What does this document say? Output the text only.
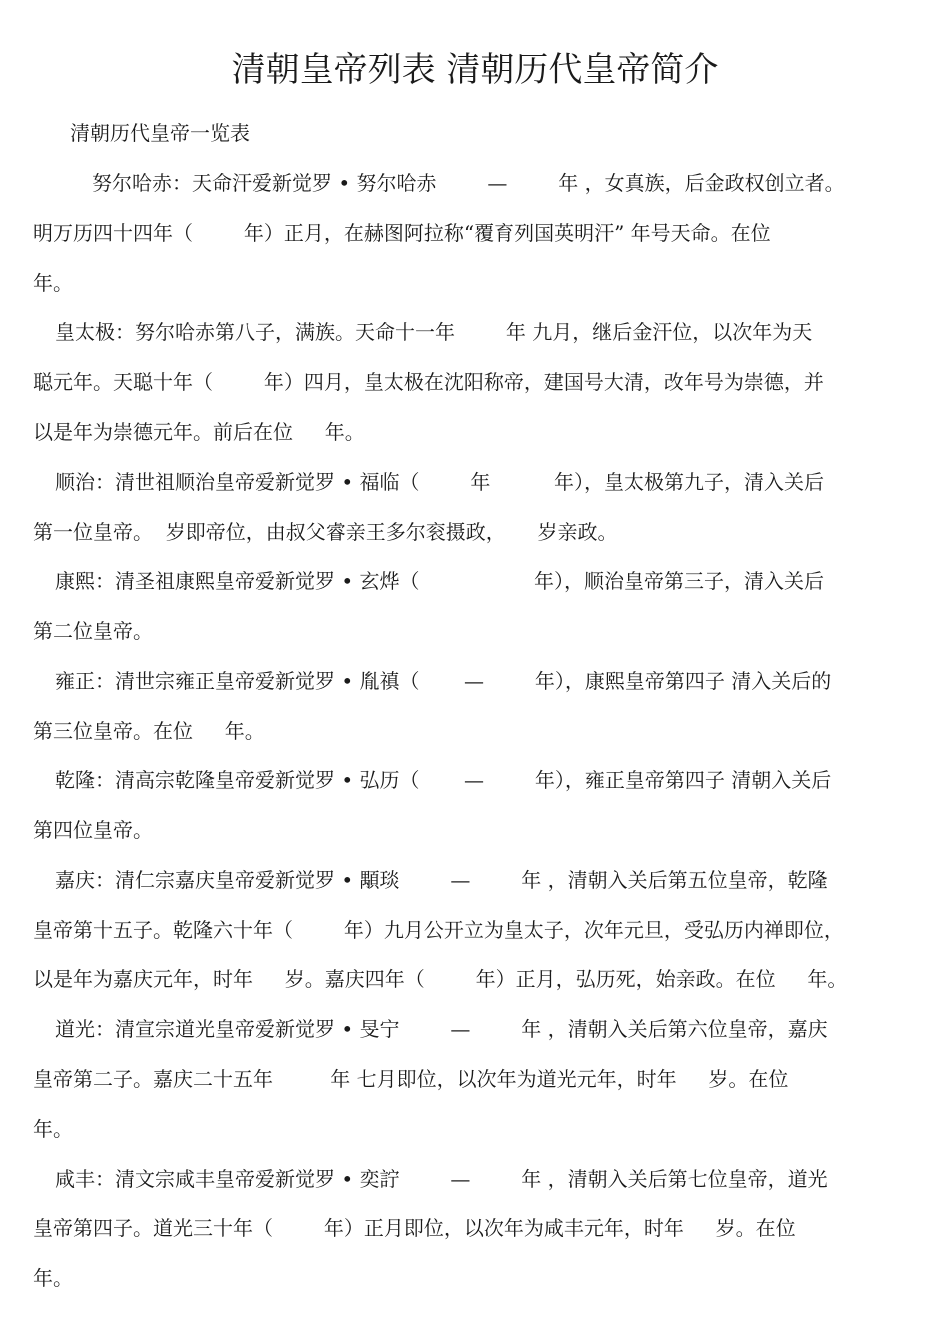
清朝皇帝列表 清朝历代皇帝简介
清朝历代皇帝一览表
努尔哈赤：天命汗爱新觉罗 • 努尔哈赤        —        年 ，女真族，后金政权创立者。
明万历四十四年（        年）正月，在赫图阿拉称“覆育列国英明汗” 年号天命。在位
年。
皇太极：努尔哈赤第八子，满族。天命十一年        年 九月，继后金汗位，以次年为天
聪元年。天聪十年（        年）四月，皇太极在沈阳称帝，建国号大清，改年号为崇德，并
以是年为崇德元年。前后在位     年。
顺治：清世祖顺治皇帝爱新觉罗 • 福临（        年          年），皇太极第九子，清入关后
第一位皇帝。  岁即帝位，由叔父睿亲王多尔衮摄政，     岁亲政。
康熙：清圣祖康熙皇帝爱新觉罗 • 玄烨（                  年），顺治皇帝第三子，清入关后
第二位皇帝。
雍正：清世宗雍正皇帝爱新觉罗 • 胤禛（       —        年），康熙皇帝第四子 清入关后的
第三位皇帝。在位     年。
乾隆：清高宗乾隆皇帝爱新觉罗 • 弘历（       —        年），雍正皇帝第四子 清朝入关后
第四位皇帝。
嘉庆：清仁宗嘉庆皇帝爱新觉罗 • 顒琰        —        年 ，清朝入关后第五位皇帝，乾隆
皇帝第十五子。乾隆六十年（        年）九月公开立为皇太子，次年元旦，受弘历内禅即位，
以是年为嘉庆元年，时年     岁。嘉庆四年（        年）正月，弘历死，始亲政。在位     年。
道光：清宣宗道光皇帝爱新觉罗 • 旻宁        —        年 ，清朝入关后第六位皇帝，嘉庆
皇帝第二子。嘉庆二十五年         年 七月即位，以次年为道光元年，时年     岁。在位
年。
咸丰：清文宗咸丰皇帝爱新觉罗 • 奕詝        —        年 ，清朝入关后第七位皇帝，道光
皇帝第四子。道光三十年（        年）正月即位，以次年为咸丰元年，时年     岁。在位
年。
